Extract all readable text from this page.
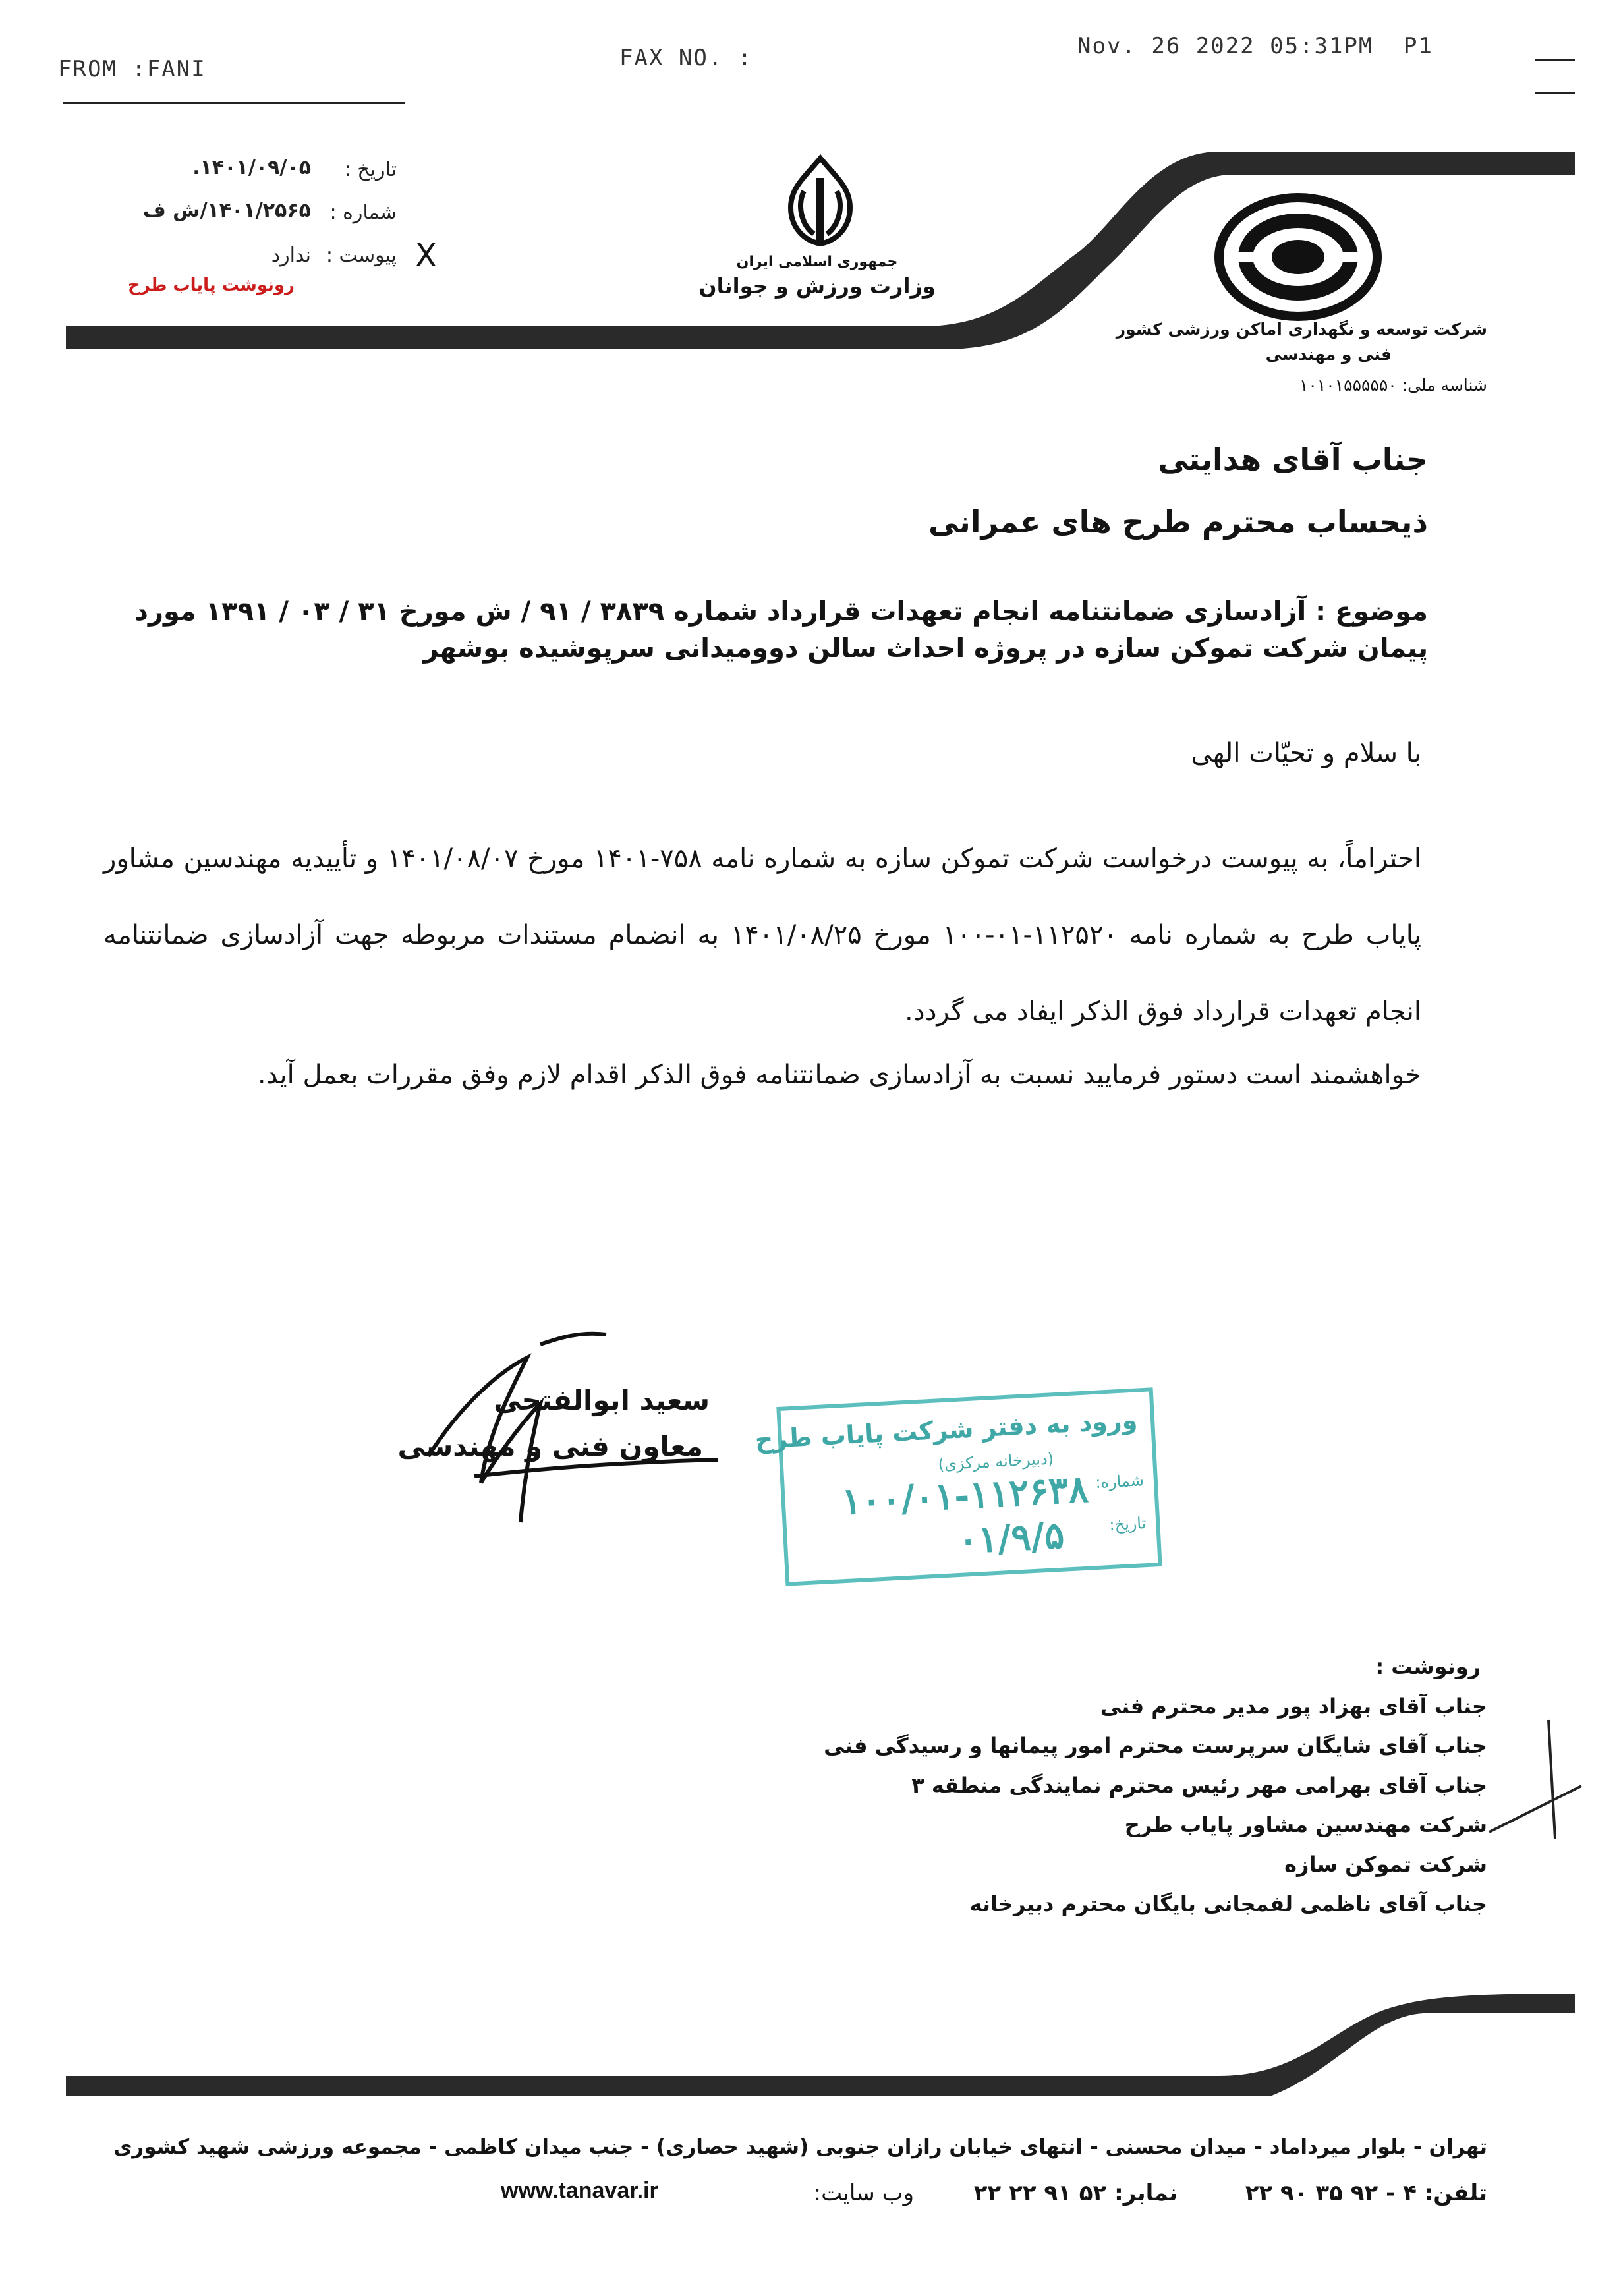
FROM :FANI	FAX NO. :	Nov. 26 2022 05:31PM P1
تاریخ :
.۱۴۰۱/۰۹/۰۵
شماره :
۱۴۰۱/۲۵۶۵/ش ف
پیوست :
ندارد	X
رونوشت پایاب طرح
جمهوری اسلامی ایران
وزارت ورزش و جوانان
شرکت توسعه و نگهداری اماکن ورزشی کشور
فنی و مهندسی
شناسه ملی: ۱۰۱۰۱۵۵۵۵۵۰
جناب آقای هدایتی
ذیحساب محترم طرح های عمرانی
موضوع : آزادسازی ضمانتنامه انجام تعهدات قرارداد شماره ۳۸۳۹ / ۹۱ / ش مورخ ۳۱ / ۰۳ / ۱۳۹۱ مورد پیمان شرکت تموکن سازه در پروژه احداث سالن دوومیدانی سرپوشیده بوشهر
با سلام و تحیّات الهی
احتراماً، به پیوست درخواست شرکت تموکن سازه به شماره نامه ۷۵۸-۱۴۰۱ مورخ ۱۴۰۱/۰۸/۰۷ و تأییدیه مهندسین مشاور پایاب طرح به شماره نامه ۱۱۲۵۲۰-۰۱-۱۰۰ مورخ ۱۴۰۱/۰۸/۲۵ به انضمام مستندات مربوطه جهت آزادسازی ضمانتنامه انجام تعهدات قرارداد فوق الذکر ایفاد می گردد.
خواهشمند است دستور فرمایید نسبت به آزادسازی ضمانتنامه فوق الذکر اقدام لازم وفق مقررات بعمل آید.
سعید ابوالفتحی
معاون فنی و مهندسی ورود به دفتر شرکت پایاب طرح
(دبیرخانه مرکزی)
شماره:
تاریخ:
۱۰۰/۰۱-۱۱۲۶۳۸
۰۱/۹/۵
رونوشت :
جناب آقای بهزاد پور مدیر محترم فنی
جناب آقای شایگان سرپرست محترم امور پیمانها و رسیدگی فنی
جناب آقای بهرامی مهر رئیس محترم نمایندگی منطقه ۳
شرکت مهندسین مشاور پایاب طرح
شرکت تموکن سازه
جناب آقای ناظمی لفمجانی بایگان محترم دبیرخانه
تهران - بلوار میرداماد - میدان محسنی - انتهای خیابان رازان جنوبی (شهید حصاری) - جنب میدان کاظمی - مجموعه ورزشی شهید کشوری
تلفن: ۴ - ۹۲ ۳۵ ۹۰ ۲۲
نمابر: ۵۲ ۹۱ ۲۲ ۲۲
وب سایت:
www.tanavar.ir
